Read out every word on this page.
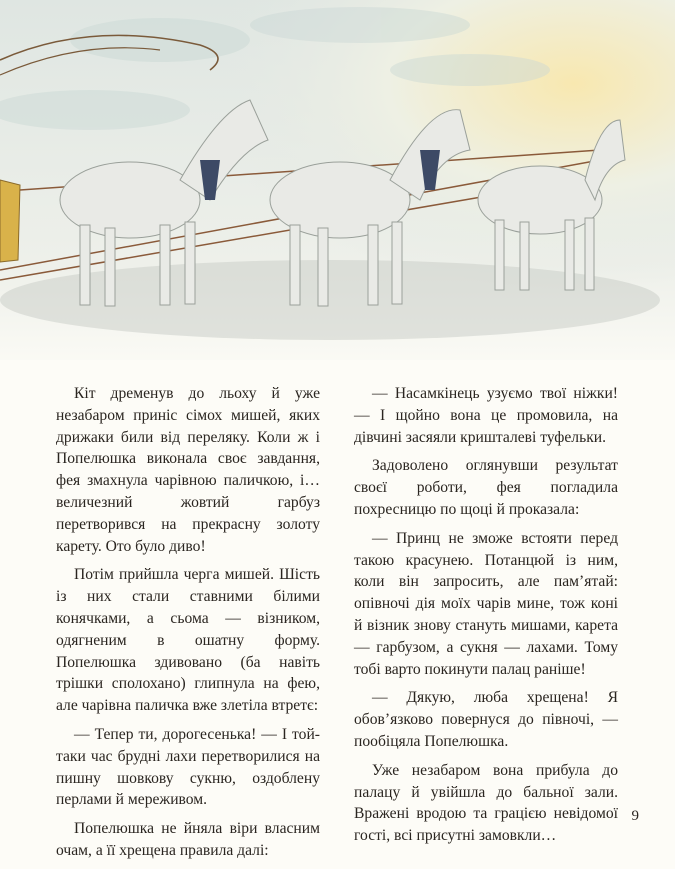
Кіт дременув до льоху й уже незабаром приніс сімох мишей, яких дрижаки били від переляку. Коли ж і Попелюшка виконала своє завдання, фея змахнула чарівною паличкою, і… величезний жовтий гарбуз перетворився на прекрасну золоту карету. Ото було диво!

Потім прийшла черга мишей. Шість із них стали ставними білими конячками, а сьома — візником, одягненим в ошатну форму. Попелюшка здивовано (ба навіть трішки сполохано) глипнула на фею, але чарівна паличка вже злетіла втретє:

— Тепер ти, дорогесенька! — І той-таки час брудні лахи перетворилися на пишну шовкову сукню, оздоблену перлами й мереживом.

Попелюшка не йняла віри власним очам, а її хрещена правила далі:

— Насамкінець узуємо твої ніжки! — І щойно вона це промовила, на дівчині засяяли кришталеві туфельки.

Задоволено оглянувши результат своєї роботи, фея погладила похресницю по щоці й проказала:

— Принц не зможе встояти перед такою красунею. Потанцюй із ним, коли він запросить, але пам’ятай: опівночі дія моїх чарів мине, тож коні й візник знову стануть мишами, карета — гарбузом, а сукня — лахами. Тому тобі варто покинути палац раніше!

— Дякую, люба хрещена! Я обов’язково повернуся до півночі, — пообіцяла Попелюшка.

Уже незабаром вона прибула до палацу й увійшла до бальної зали. Вражені вродою та грацією невідомої гості, всі присутні замовкли…

9
